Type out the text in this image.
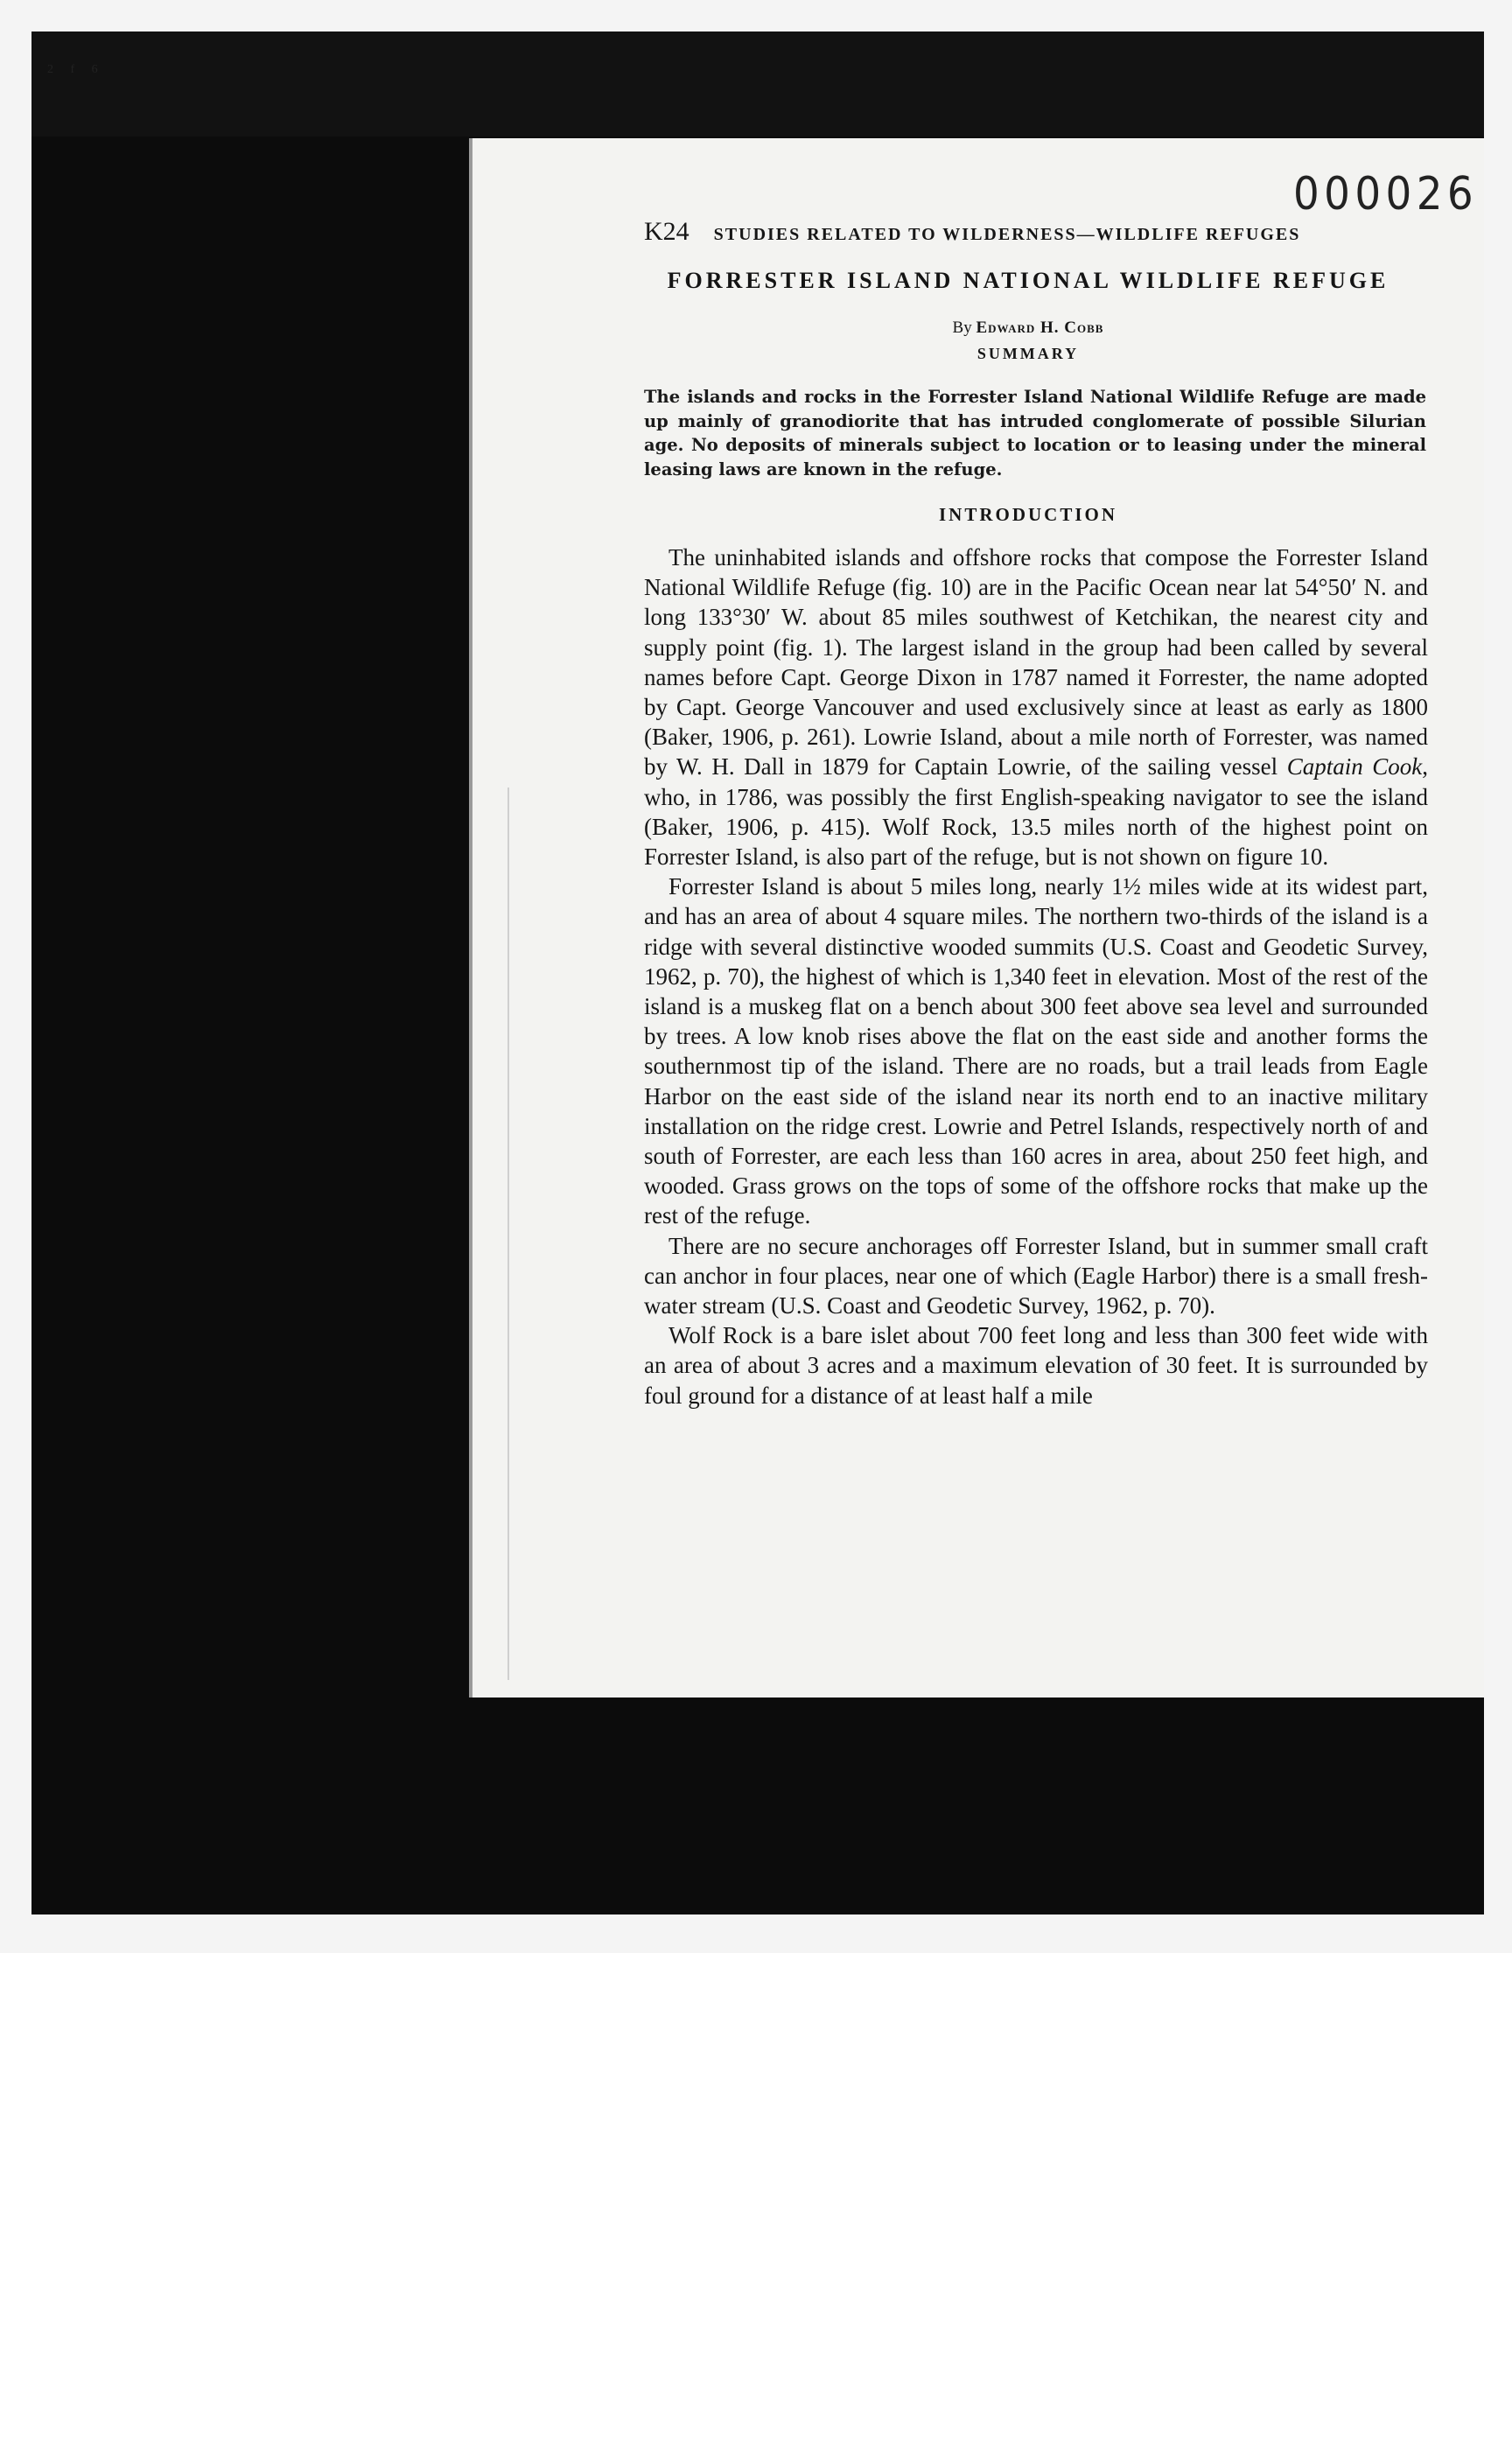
2 f 6
000026
K24 STUDIES RELATED TO WILDERNESS—WILDLIFE REFUGES
FORRESTER ISLAND NATIONAL WILDLIFE REFUGE
By Edward H. Cobb
SUMMARY

The islands and rocks in the Forrester Island National Wildlife Refuge are made up mainly of granodiorite that has intruded conglomerate of possible Silurian age. No deposits of minerals subject to location or to leasing under the mineral leasing laws are known in the refuge.

INTRODUCTION

The uninhabited islands and offshore rocks that compose the Forrester Island National Wildlife Refuge (fig. 10) are in the Pacific Ocean near lat 54°50′ N. and long 133°30′ W. about 85 miles southwest of Ketchikan, the nearest city and supply point (fig. 1). The largest island in the group had been called by several names before Capt. George Dixon in 1787 named it Forrester, the name adopted by Capt. George Vancouver and used exclusively since at least as early as 1800 (Baker, 1906, p. 261). Lowrie Island, about a mile north of Forrester, was named by W. H. Dall in 1879 for Captain Lowrie, of the sailing vessel Captain Cook, who, in 1786, was possibly the first English-speaking navigator to see the island (Baker, 1906, p. 415). Wolf Rock, 13.5 miles north of the highest point on Forrester Island, is also part of the refuge, but is not shown on figure 10.

Forrester Island is about 5 miles long, nearly 1½ miles wide at its widest part, and has an area of about 4 square miles. The northern two-thirds of the island is a ridge with several distinctive wooded summits (U.S. Coast and Geodetic Survey, 1962, p. 70), the highest of which is 1,340 feet in elevation. Most of the rest of the island is a muskeg flat on a bench about 300 feet above sea level and surrounded by trees. A low knob rises above the flat on the east side and another forms the southernmost tip of the island. There are no roads, but a trail leads from Eagle Harbor on the east side of the island near its north end to an inactive military installation on the ridge crest. Lowrie and Petrel Islands, respectively north of and south of Forrester, are each less than 160 acres in area, about 250 feet high, and wooded. Grass grows on the tops of some of the offshore rocks that make up the rest of the refuge.

There are no secure anchorages off Forrester Island, but in summer small craft can anchor in four places, near one of which (Eagle Harbor) there is a small fresh-water stream (U.S. Coast and Geodetic Survey, 1962, p. 70).

Wolf Rock is a bare islet about 700 feet long and less than 300 feet wide with an area of about 3 acres and a maximum elevation of 30 feet. It is surrounded by foul ground for a distance of at least half a mile
